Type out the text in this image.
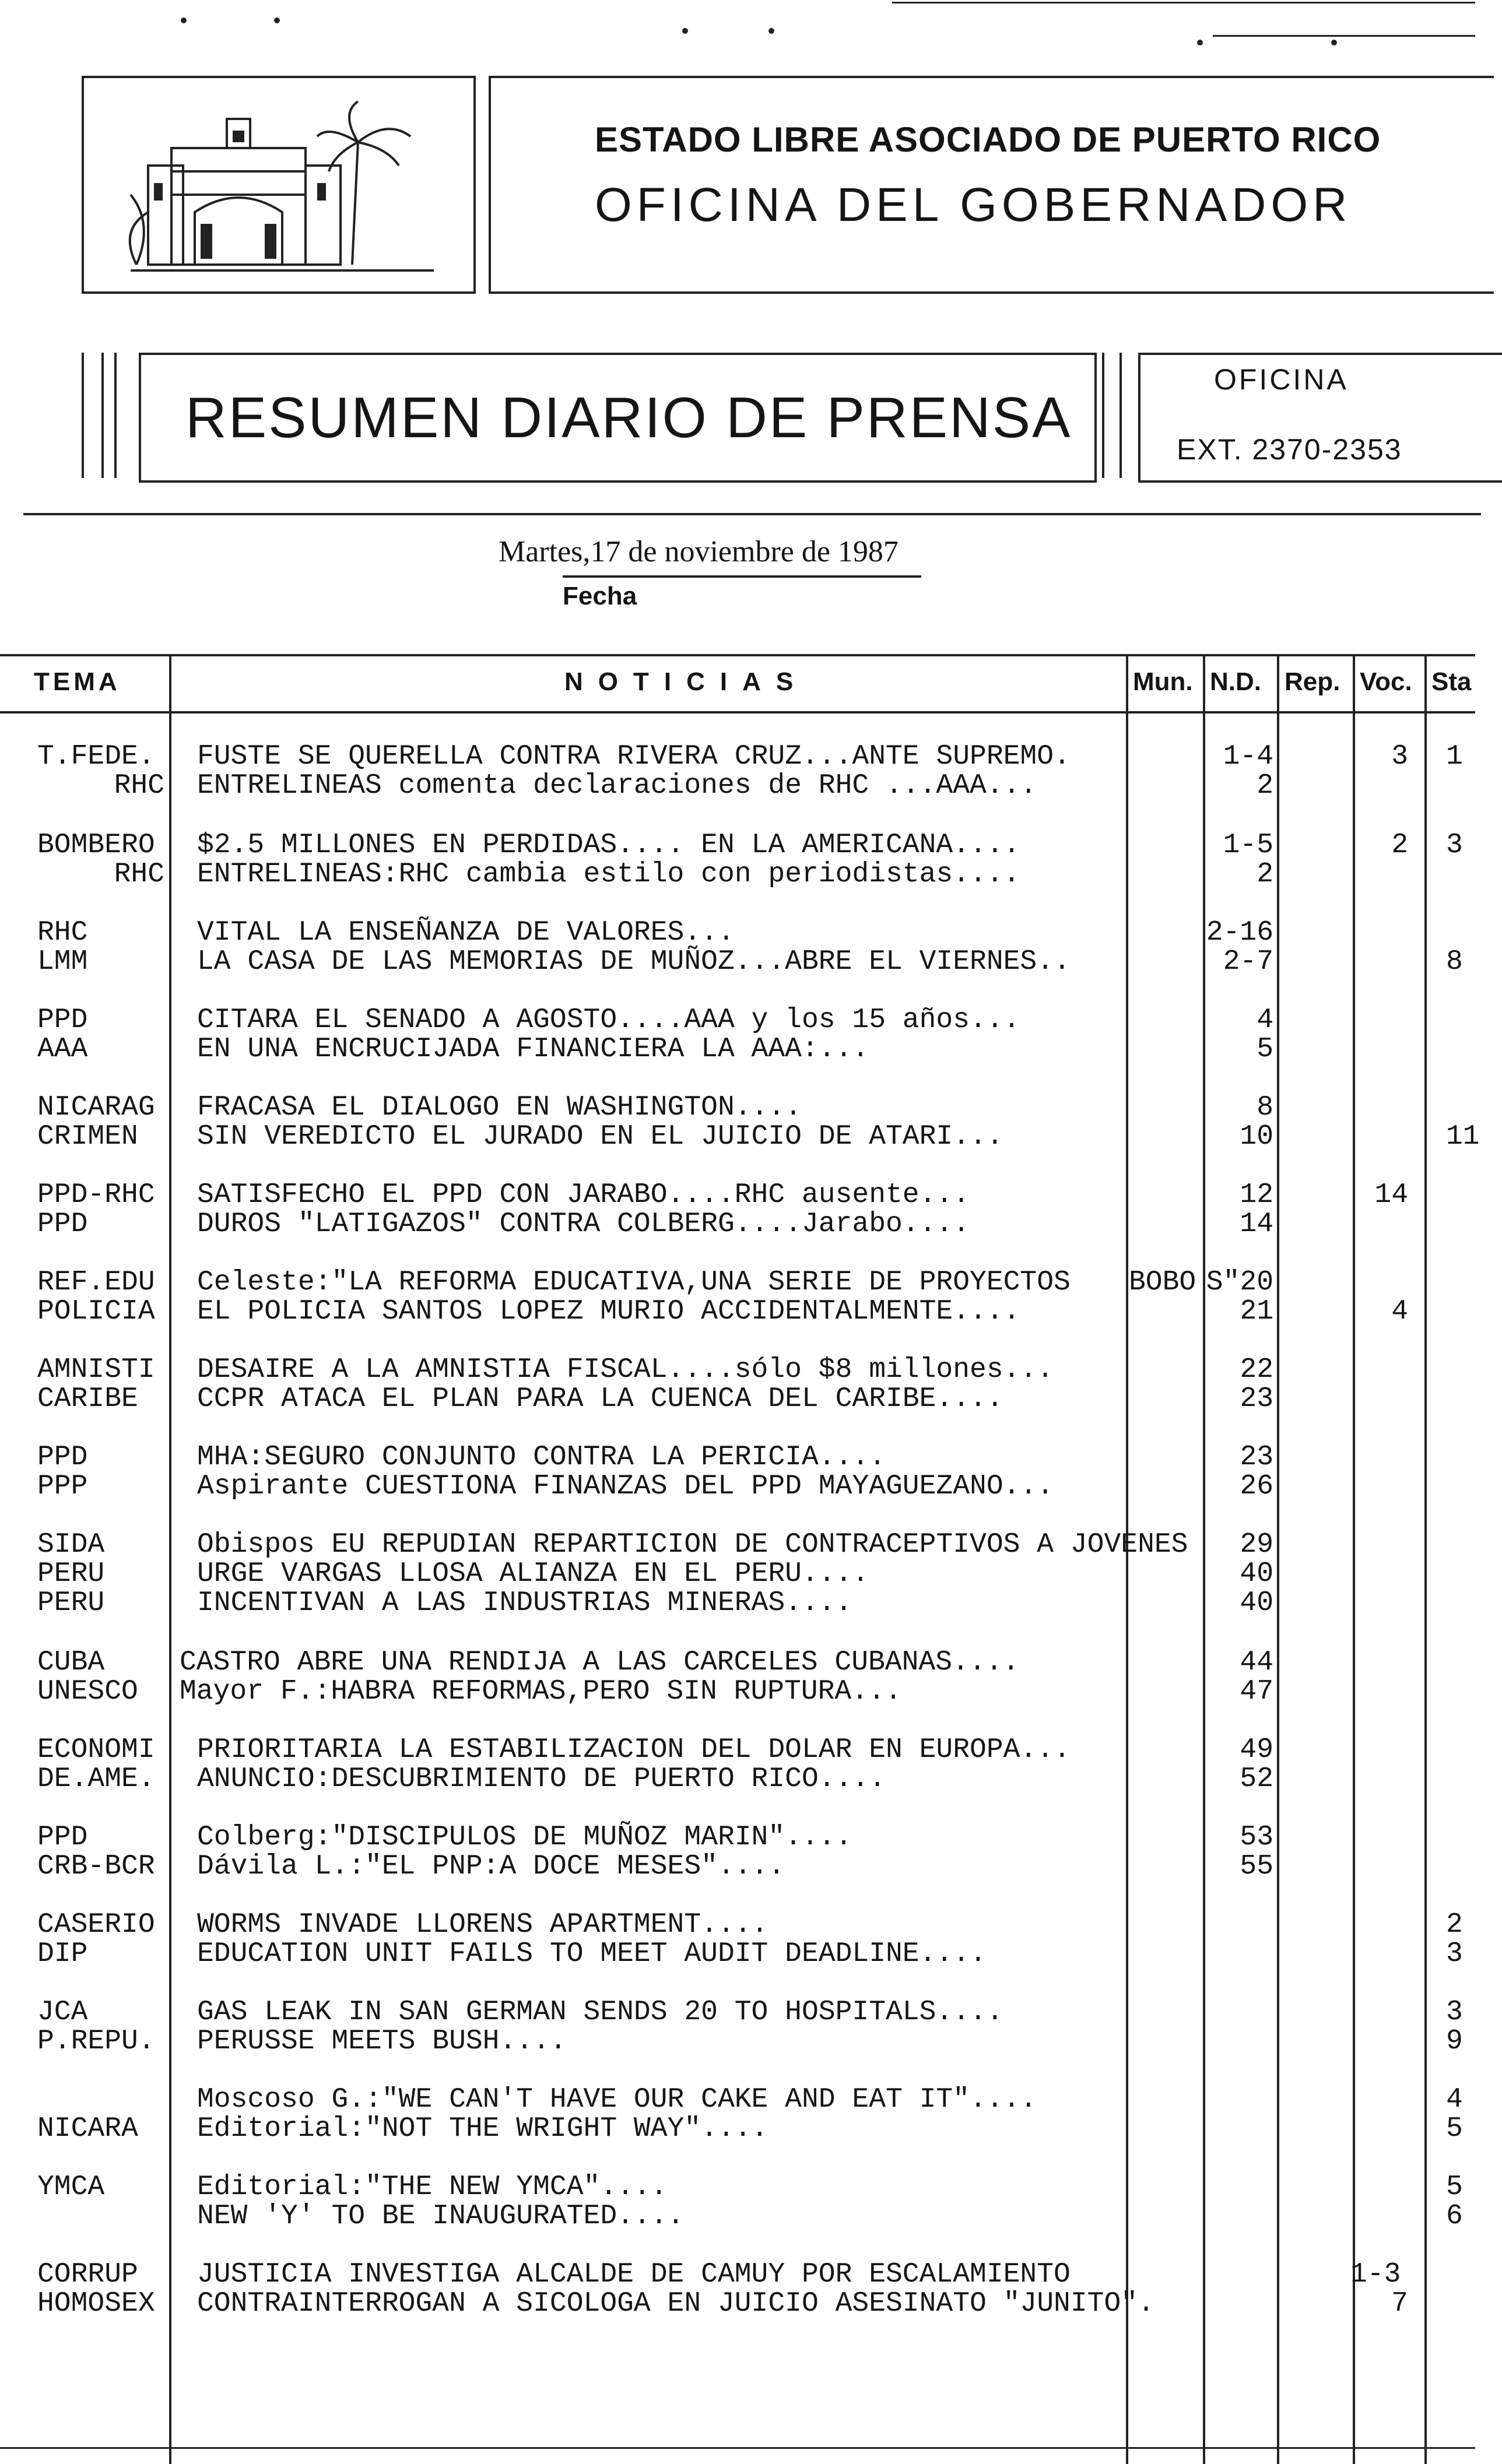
ESTADO LIBRE ASOCIADO DE PUERTO RICO
OFICINA DEL GOBERNADOR
RESUMEN DIARIO DE PRENSA
OFICINA
EXT. 2370-2353
Martes,17 de noviembre de 1987
Fecha
TEMA	NOTICIAS	Mun. N.D. Rep. Voc. Sta
T.FEDE. FUSTE SE QUERELLA CONTRA RIVERA CRUZ...ANTE SUPREMO.	1-4	3 1
RHC ENTRELINEAS comenta declaraciones de RHC ...AAA...	2
BOMBERO $2.5 MILLONES EN PERDIDAS.... EN LA AMERICANA....	1-5	2 3
RHC ENTRELINEAS:RHC cambia estilo con periodistas....	2
RHC	VITAL LA ENSEÑANZA DE VALORES...	2-16
LMM	LA CASA DE LAS MEMORIAS DE MUÑOZ...ABRE EL VIERNES..	2-7	8
PPD	CITARA EL SENADO A AGOSTO....AAA y los 15 años...	4
AAA	EN UNA ENCRUCIJADA FINANCIERA LA AAA:...	5
NICARAG FRACASA EL DIALOGO EN WASHINGTON....	8
CRIMEN SIN VEREDICTO EL JURADO EN EL JUICIO DE ATARI...	10	11
PPD-RHC SATISFECHO EL PPD CON JARABO....RHC ausente...	12	14
PPD	DUROS "LATIGAZOS" CONTRA COLBERG....Jarabo....	14
REF.EDU Celeste:"LA REFORMA EDUCATIVA,UNA SERIE DE PROYECTOS	BOBO S"20
POLICIA EL POLICIA SANTOS LOPEZ MURIO ACCIDENTALMENTE....	21	4
AMNISTI DESAIRE A LA AMNISTIA FISCAL....sólo $8 millones...	22
CARIBE CCPR ATACA EL PLAN PARA LA CUENCA DEL CARIBE....	23
PPD	MHA:SEGURO CONJUNTO CONTRA LA PERICIA....	23
PPP	Aspirante CUESTIONA FINANZAS DEL PPD MAYAGUEZANO...	26
SIDA	Obispos EU REPUDIAN REPARTICION DE CONTRACEPTIVOS A JOVENES	29
PERU	URGE VARGAS LLOSA ALIANZA EN EL PERU....	40
PERU	INCENTIVAN A LAS INDUSTRIAS MINERAS....	40
CUBA	CASTRO ABRE UNA RENDIJA A LAS CARCELES CUBANAS....	44
UNESCO Mayor F.:HABRA REFORMAS,PERO SIN RUPTURA...	47
ECONOMI PRIORITARIA LA ESTABILIZACION DEL DOLAR EN EUROPA...	49
DE.AME. ANUNCIO:DESCUBRIMIENTO DE PUERTO RICO....	52
PPD	Colberg:"DISCIPULOS DE MUÑOZ MARIN"....	53
CRB-BCR Dávila L.:"EL PNP:A DOCE MESES"....	55
CASERIO WORMS INVADE LLORENS APARTMENT....	2
DIP	EDUCATION UNIT FAILS TO MEET AUDIT DEADLINE....	3
JCA	GAS LEAK IN SAN GERMAN SENDS 20 TO HOSPITALS....	3
P.REPU. PERUSSE MEETS BUSH....	9
Moscoso G.:"WE CAN'T HAVE OUR CAKE AND EAT IT"....	4
NICARA Editorial:"NOT THE WRIGHT WAY"....	5
YMCA	Editorial:"THE NEW YMCA"....	5
NEW 'Y' TO BE INAUGURATED....	6
CORRUP JUSTICIA INVESTIGA ALCALDE DE CAMUY POR ESCALAMIENTO	1-3
HOMOSEX CONTRAINTERROGAN A SICOLOGA EN JUICIO ASESINATO "JUNITO".	7
